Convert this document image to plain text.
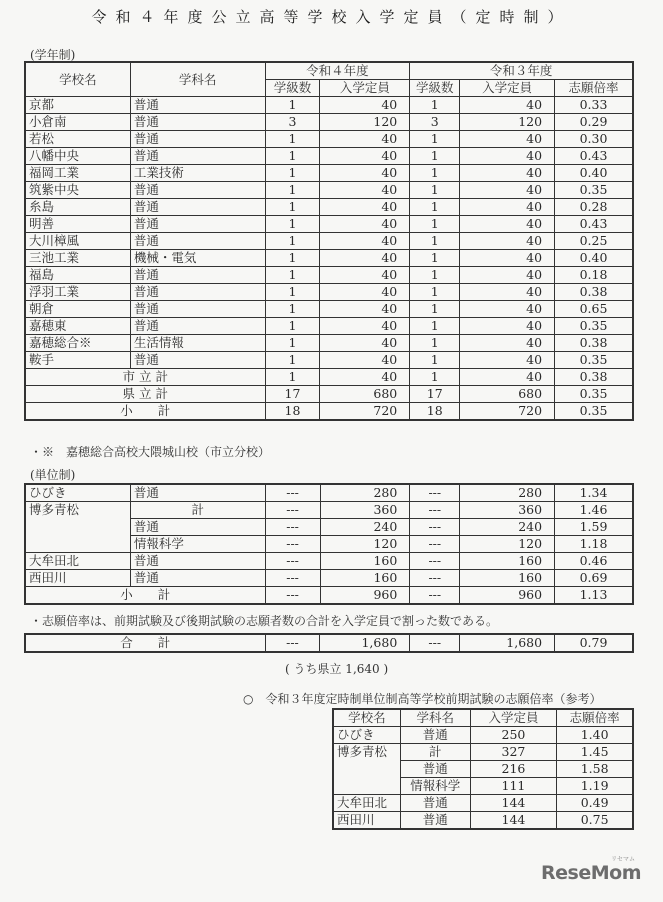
令和４年度公立高等学校入学定員（定時制）
(学年制)
学校名	学科名	令和４年度		令和３年度		
		学級数	入学定員	学級数	入学定員	志願倍率
京都	普通	1	40	1	40	0.33
小倉南	普通	3	120	3	120	0.29
若松	普通	1	40	1	40	0.30
八幡中央	普通	1	40	1	40	0.43
福岡工業	工業技術	1	40	1	40	0.40
筑紫中央	普通	1	40	1	40	0.35
糸島	普通	1	40	1	40	0.28
明善	普通	1	40	1	40	0.43
大川樟風	普通	1	40	1	40	0.25
三池工業	機械・電気	1	40	1	40	0.40
福島	普通	1	40	1	40	0.18
浮羽工業	普通	1	40	1	40	0.38
朝倉	普通	1	40	1	40	0.65
嘉穂東	普通	1	40	1	40	0.35
嘉穂総合※	生活情報	1	40	1	40	0.38
鞍手	普通	1	40	1	40	0.35
市 立 計		1	40	1	40	0.38
県 立 計		17	680	17	680	0.35
小　　計		18	720	18	720	0.35
・※　嘉穂総合高校大隈城山校（市立分校）
(単位制)
ひびき	普通	---	280	---	280	1.34
博多青松	計	---	360	---	360	1.46
	普通	---	240	---	240	1.59
	情報科学	---	120	---	120	1.18
大牟田北	普通	---	160	---	160	0.46
西田川	普通	---	160	---	160	0.69
小　　計		---	960	---	960	1.13
・志願倍率は、前期試験及び後期試験の志願者数の合計を入学定員で割った数である。
合　　計	---	1,680	---	1,680	0.79
( うち県立 1,640 )
○　令和３年度定時制単位制高等学校前期試験の志願倍率（参考）
学校名	学科名	入学定員	志願倍率
ひびき	普通	250	1.40
博多青松	計	327	1.45
	普通	216	1.58
	情報科学	111	1.19
大牟田北	普通	144	0.49
西田川	普通	144	0.75
ReseMom
リセマム
